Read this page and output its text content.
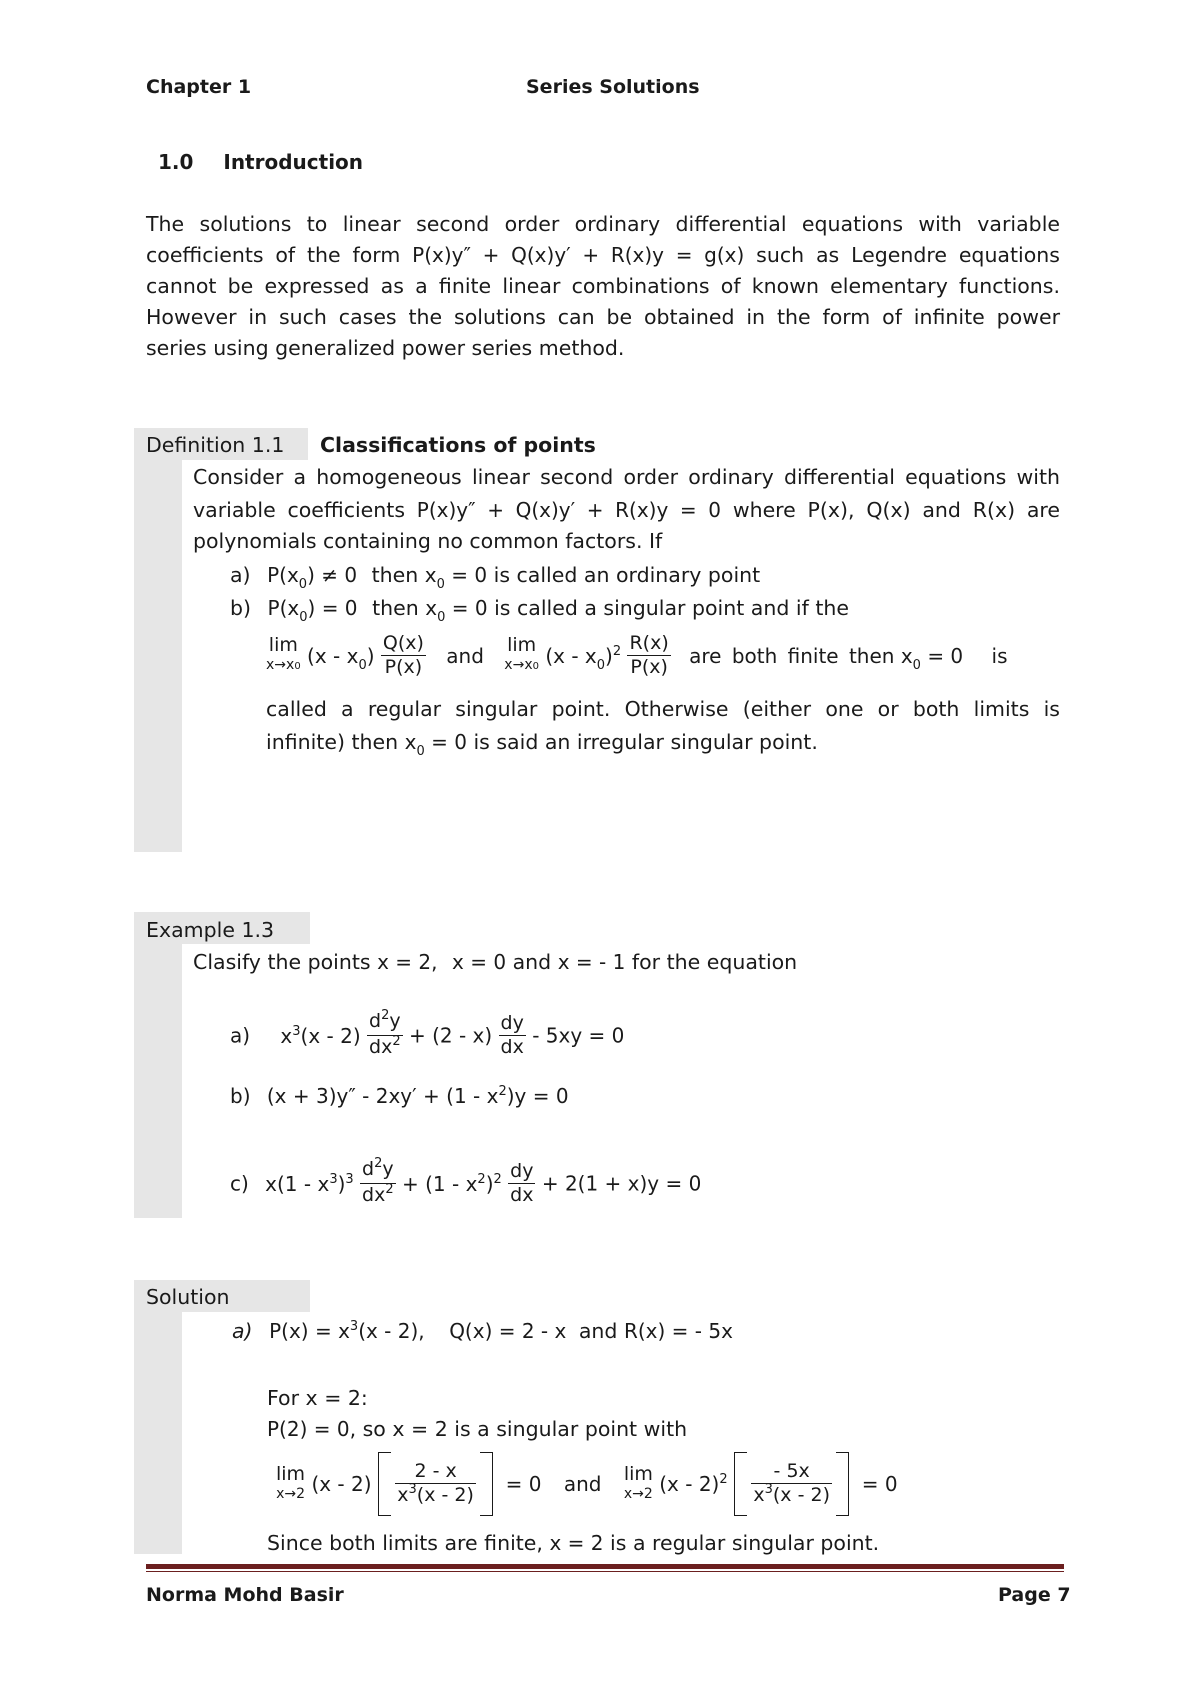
Chapter 1	Series Solutions
1.0 Introduction
The solutions to linear second order ordinary differential equations with variable
coefficients of the form P(x)y″ + Q(x)y′ + R(x)y = g(x) such as Legendre equations
cannot be expressed as a finite linear combinations of known elementary functions.
However in such cases the solutions can be obtained in the form of infinite power
series using generalized power series method.
Definition 1.1 Classifications of points
Consider a homogeneous linear second order ordinary differential equations with
variable coefficients P(x)y″ + Q(x)y′ + R(x)y = 0 where P(x), Q(x) and R(x) are
polynomials containing no common factors. If
a) $P(x_0) \ne 0$ then $x_0 = 0$ is called an ordinary point
b) $P(x_0) = 0$ then $x_0 = 0$ is called a singular point and if the
lim
x→x0 $(x - x_0) \frac{Q(x)}{P(x)}$ and lim
x→x0 $(x - x_0)^2 \frac{R(x)}{P(x)}$ are both finite then $x_0 = 0$ is
called a regular singular point. Otherwise (either one or both limits is
infinite) then $x_0 = 0$ is said an irregular singular point.
Example 1.3
Clasify the points x = 2, x = 0 and x = - 1 for the equation
a) $x^3(x - 2) \frac{d^2y}{dx^2} + (2 - x) \frac{dy}{dx} - 5xy = 0$
b) $(x + 3)y'' - 2xy' + (1 - x^2)y = 0$
c) $x(1 - x^3)^3 \frac{d^2y}{dx^2} + (1 - x^2)^2 \frac{dy}{dx} + 2(1 + x)y = 0$
Solution
a) $P(x) = x^3(x - 2)$, Q(x) = 2 - x and R(x) = - 5x
For x = 2:
P(2) = 0, so x = 2 is a singular point with
lim
x→2 $(x - 2) \frac{2 - x}{x^3(x - 2)} = 0$ and lim
x→2 $(x - 2)^2 \frac{- 5x}{x^3(x - 2)} = 0$
Since both limits are finite, x = 2 is a regular singular point.
Norma Mohd Basir	Page 7
